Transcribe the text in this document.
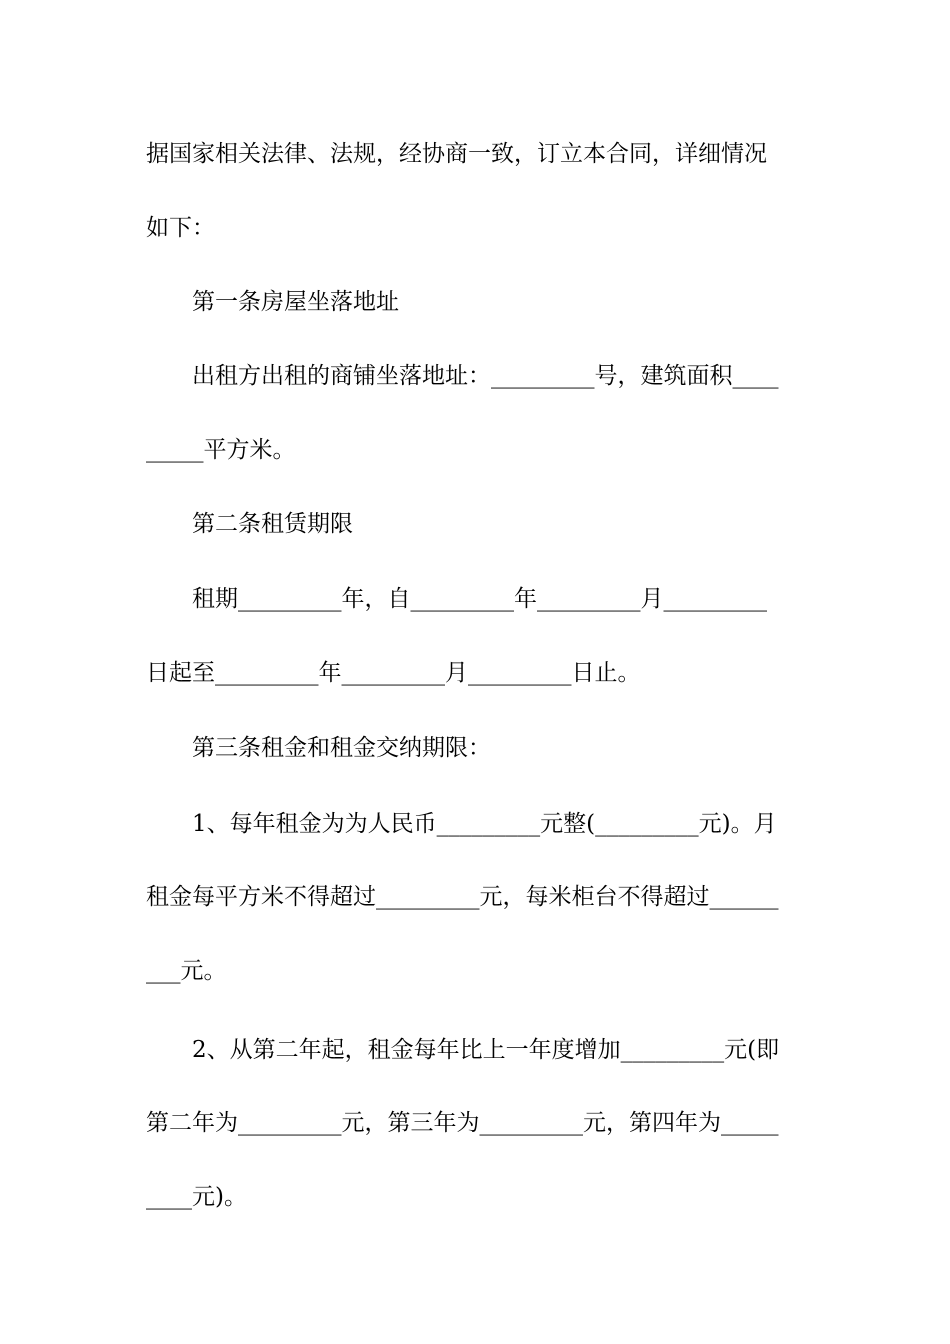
据国家相关法律、法规，经协商一致，订立本合同，详细情况
如下：
第一条房屋坐落地址
出租方出租的商铺坐落地址：_________号，建筑面积____
_____平方米。
第二条租赁期限
租期_________年，自_________年_________月_________
日起至_________年_________月_________日止。
第三条租金和租金交纳期限：
1、每年租金为为人民币_________元整(_________元)。月
租金每平方米不得超过_________元，每米柜台不得超过______
___元。
2、从第二年起，租金每年比上一年度增加_________元(即
第二年为_________元，第三年为_________元，第四年为_____
____元)。
